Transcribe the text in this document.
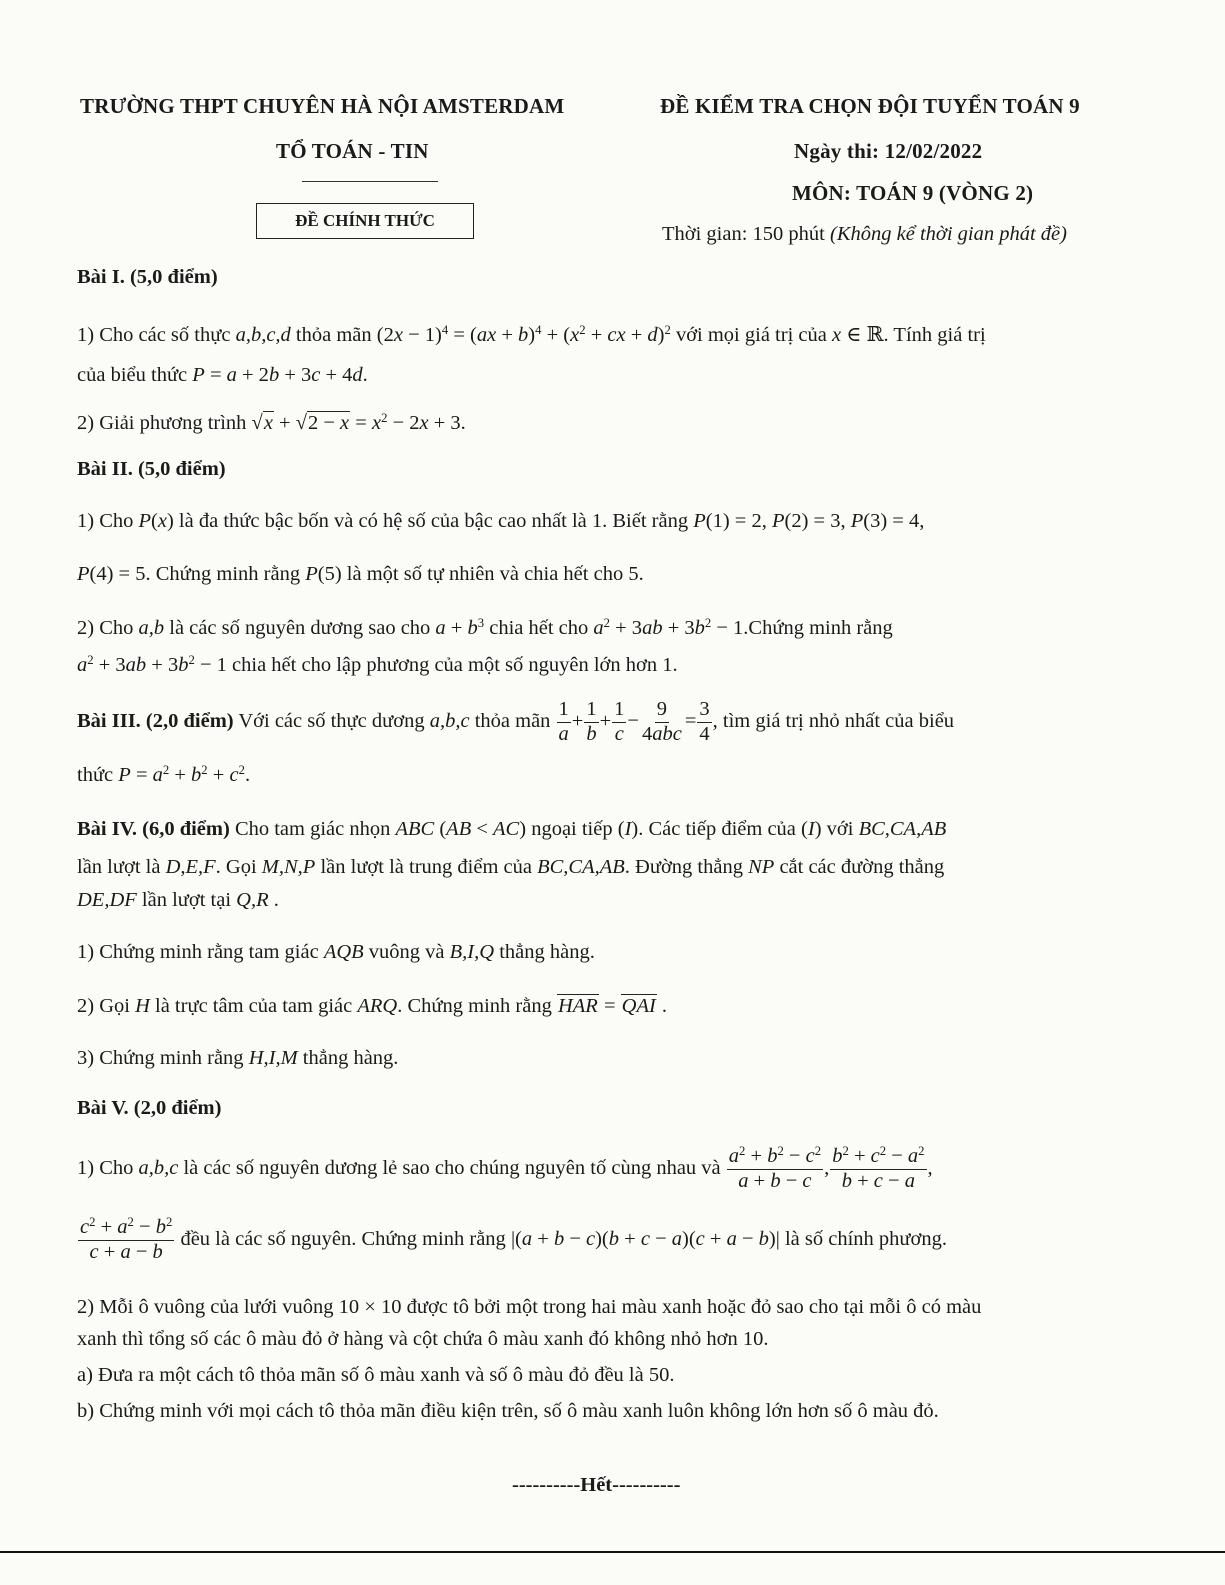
TRƯỜNG THPT CHUYÊN HÀ NỘI AMSTERDAM
TỔ TOÁN - TIN
ĐỀ CHÍNH THỨC
ĐỀ KIỂM TRA CHỌN ĐỘI TUYỂN TOÁN 9
Ngày thi: 12/02/2022
MÔN: TOÁN 9 (VÒNG 2)
Thời gian: 150 phút (Không kể thời gian phát đề)
Bài I. (5,0 điểm)
1) Cho các số thực a,b,c,d thỏa mãn $(2x - 1)^4 = (ax + b)^4 + (x^2$ + cx + d)$^2$ với mọi giá trị của x ∈ ℝ. Tính giá trị
của biểu thức P = a + 2b + 3c + 4d.
2) Giải phương trình $√x + √2 - x = x^2 - 2x + 3$.
Bài II. (5,0 điểm)
1) Cho P(x) là đa thức bậc bốn và có hệ số của bậc cao nhất là 1. Biết rằng P(1) = 2, P(2) = 3, P(3) = 4,
P(4) = 5. Chứng minh rằng P(5) là một số tự nhiên và chia hết cho 5.
2) Cho a,b là các số nguyên dương sao cho $a + b^3$ chia hết cho $a^2 + 3ab + 3b^2$ − 1.Chứng minh rằng
$a^2 + 3ab + 3b^2 - 1$ chia hết cho lập phương của một số nguyên lớn hơn 1.
Bài III. (2,0 điểm) Với các số thực dương a,b,c thỏa mãn $\frac{1}{a} + \frac{1}{b} + \frac{1}{c} - \frac{9}{\text{4abc}} = \frac{3}{4}$ , tìm giá trị nhỏ nhất của biểu
thức $P = a^2 + b^2 + c^2$.
Bài IV. (6,0 điểm) Cho tam giác nhọn ABC (AB < AC) ngoại tiếp (I). Các tiếp điểm của (I) với BC,CA,AB
lần lượt là D,E,F. Gọi M,N,P lần lượt là trung điểm của BC,CA,AB. Đường thẳng NP cắt các đường thẳng
DE,DF lần lượt tại Q,R .
1) Chứng minh rằng tam giác AQB vuông và B,I,Q thẳng hàng.
2) Gọi H là trực tâm của tam giác ARQ. Chứng minh rằng HAR = QAI .
3) Chứng minh rằng H,I,M thẳng hàng.
Bài V. (2,0 điểm)
1) Cho a,b,c là các số nguyên dương lẻ sao cho chúng nguyên tố cùng nhau và $\frac{a^2 + b^2 - c^2}{a + b - c}$ , $\frac{b^2 + c^2 - a^2}{b + c - a}$ ,
$\frac{c^2 + a^2 - b^2}{c + a - b}$ đều là các số nguyên. Chứng minh rằng |(a + b − c)(b + c − a)(c + a − b)| là số chính phương.
2) Mỗi ô vuông của lưới vuông 10 × 10 được tô bởi một trong hai màu xanh hoặc đỏ sao cho tại mỗi ô có màu
xanh thì tổng số các ô màu đỏ ở hàng và cột chứa ô màu xanh đó không nhỏ hơn 10.
a) Đưa ra một cách tô thỏa mãn số ô màu xanh và số ô màu đỏ đều là 50.
b) Chứng minh với mọi cách tô thỏa mãn điều kiện trên, số ô màu xanh luôn không lớn hơn số ô màu đỏ.
----------Hết----------
